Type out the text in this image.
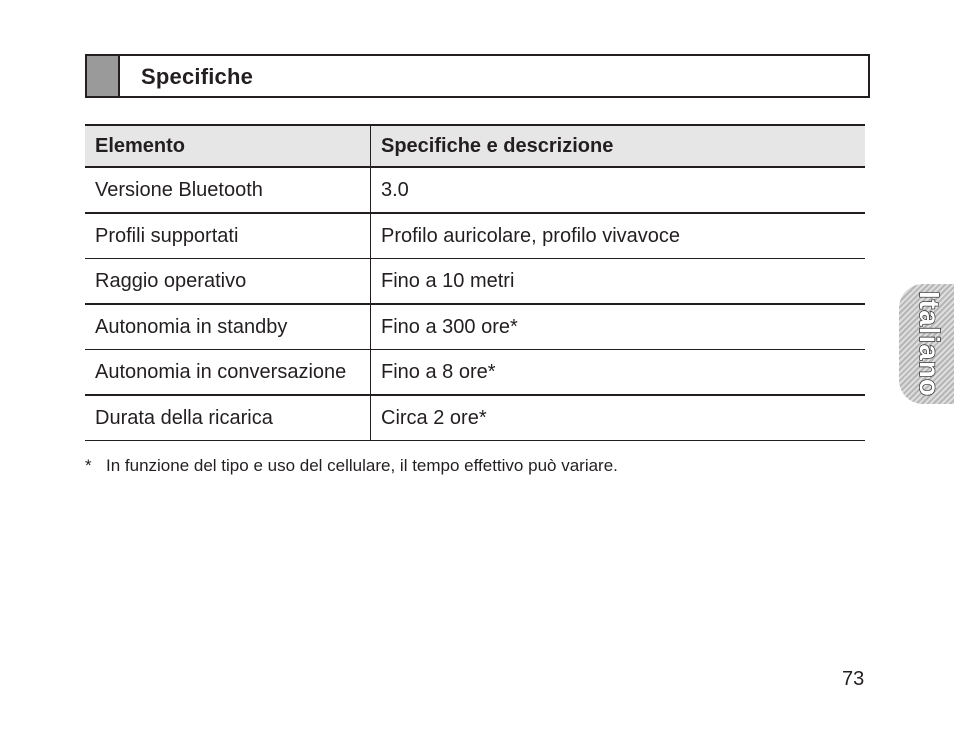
Specifiche
Elemento	Specifiche e descrizione
Versione Bluetooth	3.0
Profili supportati	Profilo auricolare, profilo vivavoce
Raggio operativo	Fino a 10 metri
Autonomia in standby	Fino a 300 ore*
Autonomia in conversazione	Fino a 8 ore*
Durata della ricarica	Circa 2 ore*
* In funzione del tipo e uso del cellulare, il tempo effettivo può variare.
73
Italiano
